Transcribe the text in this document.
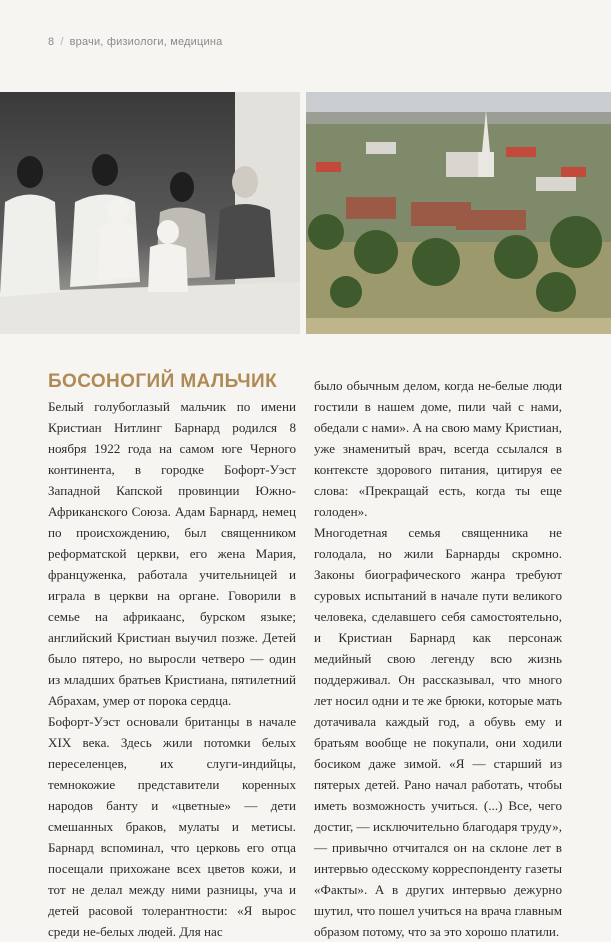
8 / врачи, физиологи, медицина
БОСОНОГИЙ МАЛЬЧИК

Белый голубоглазый мальчик по имени Кристиан Нитлинг Барнард родился 8 ноября 1922 года на самом юге Черного континента, в городке Бофорт-Уэст Западной Капской провинции Южно-Африканского Союза. Адам Барнард, немец по происхождению, был священником реформатской церкви, его жена Мария, француженка, работала учительницей и играла в церкви на органе. Говорили в семье на африкаанс, бурском языке; английский Кристиан выучил позже. Детей было пятеро, но выросли четверо — один из младших братьев Кристиана, пятилетний Абрахам, умер от порока сердца.

Бофорт-Уэст основали британцы в начале XIX века. Здесь жили потомки белых переселенцев, их слуги-индийцы, темнокожие представители коренных народов банту и «цветные» — дети смешанных браков, мулаты и метисы. Барнард вспоминал, что церковь его отца посещали прихожане всех цветов кожи, и тот не делал между ними разницы, уча и детей расовой толерантности: «Я вырос среди не-белых людей. Для нас

было обычным делом, когда не-белые люди гостили в нашем доме, пили чай с нами, обедали с нами». А на свою маму Кристиан, уже знаменитый врач, всегда ссылался в контексте здорового питания, цитируя ее слова: «Прекращай есть, когда ты еще голоден».

Многодетная семья священника не голодала, но жили Барнарды скромно. Законы биографического жанра требуют суровых испытаний в начале пути великого человека, сделавшего себя самостоятельно, и Кристиан Барнард как персонаж медийный свою легенду всю жизнь поддерживал. Он рассказывал, что много лет носил одни и те же брюки, которые мать дотачивала каждый год, а обувь ему и братьям вообще не покупали, они ходили босиком даже зимой. «Я — старший из пятерых детей. Рано начал работать, чтобы иметь возможность учиться. (...) Все, чего достиг, — исключительно благодаря труду», — привычно отчитался он на склоне лет в интервью одесскому корреспонденту газеты «Факты». А в других интервью дежурно шутил, что пошел учиться на врача главным образом потому, что за это хорошо платили.
